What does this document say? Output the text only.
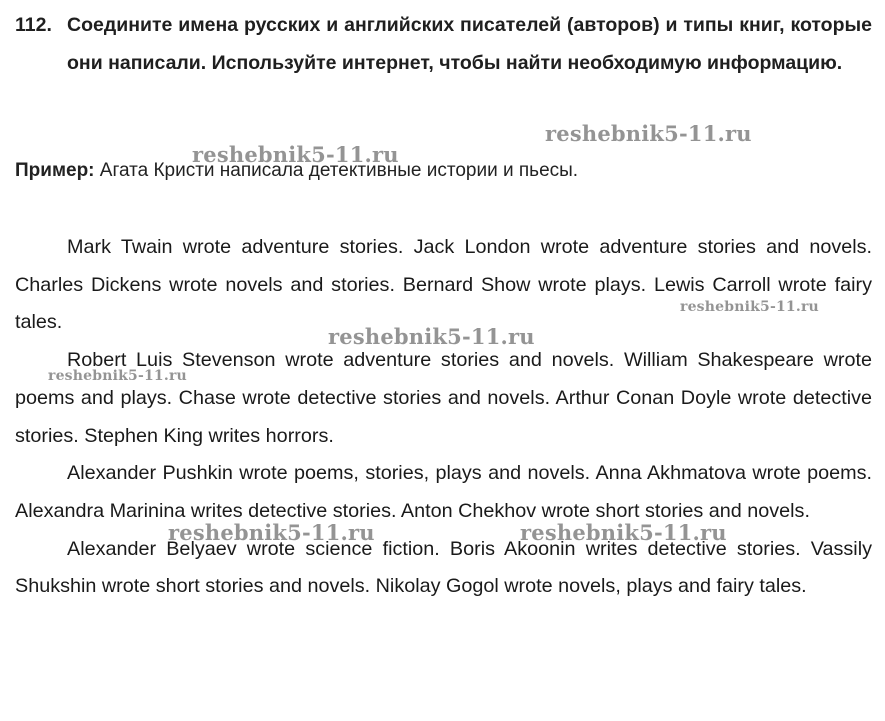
112. Соедините имена русских и английских писателей (авторов) и типы книг, которые они написали. Используйте интернет, чтобы найти необходимую информацию.
Пример: Агата Кристи написала детективные истории и пьесы.

Mark Twain wrote adventure stories. Jack London wrote adventure stories and novels. Charles Dickens wrote novels and stories. Bernard Show wrote plays. Lewis Carroll wrote fairy tales.

Robert Luis Stevenson wrote adventure stories and novels. William Shakespeare wrote poems and plays. Chase wrote detective stories and novels. Arthur Conan Doyle wrote detective stories. Stephen King writes horrors.

Alexander Pushkin wrote poems, stories, plays and novels. Anna Akhmatova wrote poems. Alexandra Marinina writes detective stories. Anton Chekhov wrote short stories and novels.

Alexander Belyaev wrote science fiction. Boris Akoonin writes detective stories. Vassily Shukshin wrote short stories and novels. Nikolay Gogol wrote novels, plays and fairy tales.

reshebnik5-11.ru
reshebnik5-11.ru
reshebnik5-11.ru
reshebnik5-11.ru
reshebnik5-11.ru
reshebnik5-11.ru	reshebnik5-11.ru
